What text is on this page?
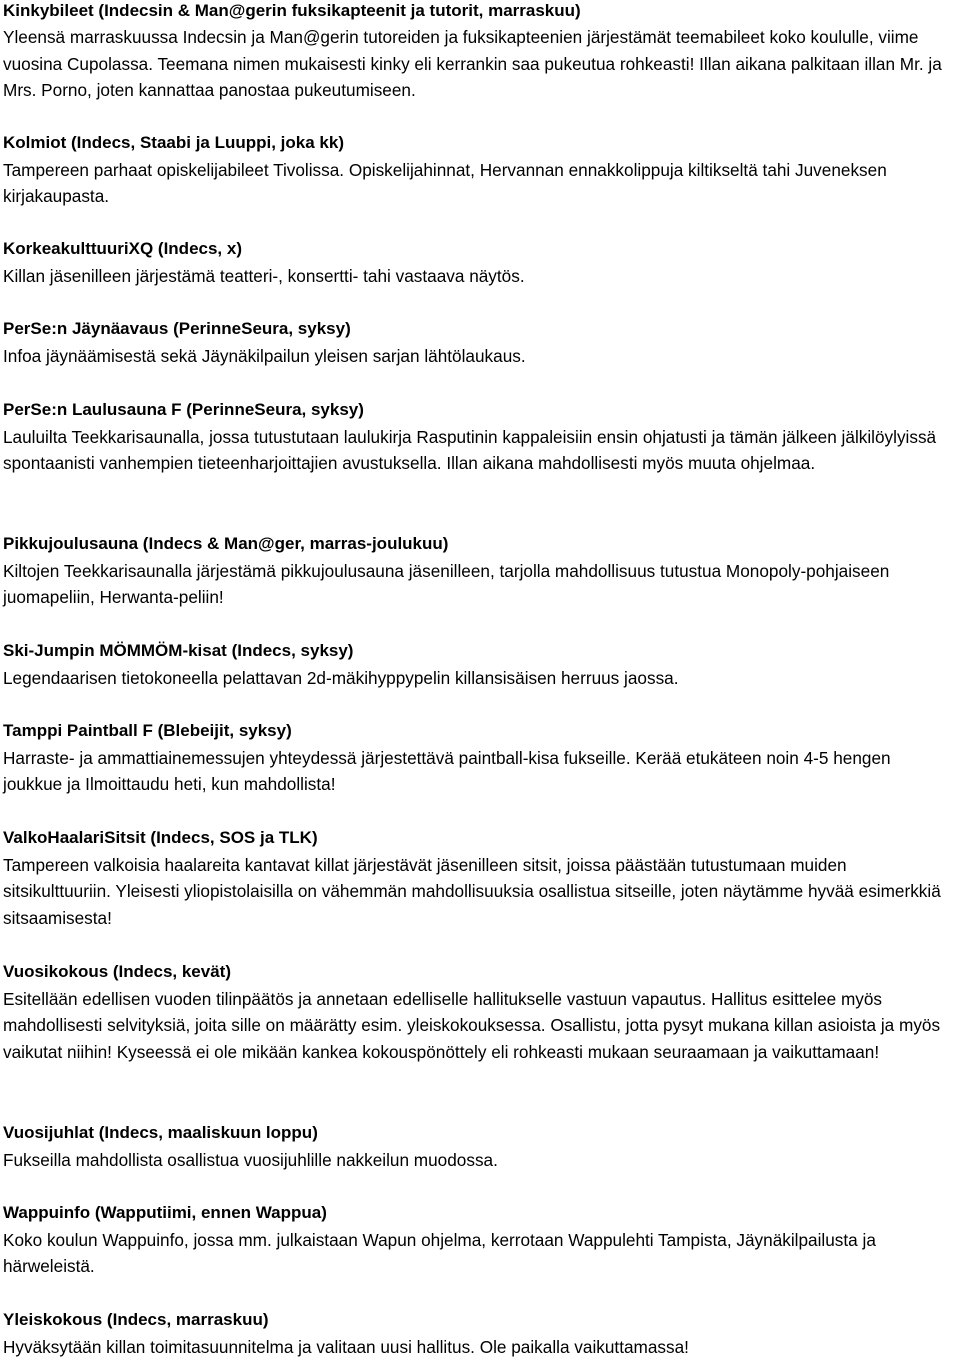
Kinkybileet (Indecsin & Man@gerin fuksikapteenit ja tutorit, marraskuu)

Yleensä marraskuussa Indecsin ja Man@gerin tutoreiden ja fuksikapteenien järjestämät teemabileet koko koululle, viime vuosina Cupolassa. Teemana nimen mukaisesti kinky eli kerrankin saa pukeutua rohkeasti! Illan aikana palkitaan illan Mr. ja Mrs. Porno, joten kannattaa panostaa pukeutumiseen.

Kolmiot (Indecs, Staabi ja Luuppi, joka kk)

Tampereen parhaat opiskelijabileet Tivolissa. Opiskelijahinnat, Hervannan ennakkolippuja kiltikseltä tahi Juveneksen kirjakaupasta.

KorkeakulttuuriXQ (Indecs, x)

Killan jäsenilleen järjestämä teatteri-, konsertti- tahi vastaava näytös.

PerSe:n Jäynäavaus (PerinneSeura, syksy)

Infoa jäynäämisestä sekä Jäynäkilpailun yleisen sarjan lähtölaukaus.

PerSe:n Laulusauna F (PerinneSeura, syksy)

Lauluilta Teekkarisaunalla, jossa tutustutaan laulukirja Rasputinin kappaleisiin ensin ohjatusti ja tämän jälkeen jälkilöylyissä spontaanisti vanhempien tieteenharjoittajien avustuksella. Illan aikana mahdollisesti myös muuta ohjelmaa.

Pikkujoulusauna (Indecs & Man@ger, marras-joulukuu)

Kiltojen Teekkarisaunalla järjestämä pikkujoulusauna jäsenilleen, tarjolla mahdollisuus tutustua Monopoly-pohjaiseen juomapeliin, Herwanta-peliin!

Ski-Jumpin MÖMMÖM-kisat (Indecs, syksy)

Legendaarisen tietokoneella pelattavan 2d-mäkihyppypelin killansisäisen herruus jaossa.

Tamppi Paintball F (Blebeijit, syksy)

Harraste- ja ammattiainemessujen yhteydessä järjestettävä paintball-kisa fukseille. Kerää etukäteen noin 4-5 hengen joukkue ja Ilmoittaudu heti, kun mahdollista!

ValkoHaalariSitsit (Indecs, SOS ja TLK)

Tampereen valkoisia haalareita kantavat killat järjestävät jäsenilleen sitsit, joissa päästään tutustumaan muiden sitsikulttuuriin. Yleisesti yliopistolaisilla on vähemmän mahdollisuuksia osallistua sitseille, joten näytämme hyvää esimerkkiä sitsaamisesta!

Vuosikokous (Indecs, kevät)

Esitellään edellisen vuoden tilinpäätös ja annetaan edelliselle hallitukselle vastuun vapautus. Hallitus esittelee myös mahdollisesti selvityksiä, joita sille on määrätty esim. yleiskokouksessa. Osallistu, jotta pysyt mukana killan asioista ja myös vaikutat niihin! Kyseessä ei ole mikään kankea kokouspönöttely eli rohkeasti mukaan seuraamaan ja vaikuttamaan!

Vuosijuhlat (Indecs, maaliskuun loppu)

Fukseilla mahdollista osallistua vuosijuhlille nakkeilun muodossa.

Wappuinfo (Wapputiimi, ennen Wappua)

Koko koulun Wappuinfo, jossa mm. julkaistaan Wapun ohjelma, kerrotaan Wappulehti Tampista, Jäynäkilpailusta ja härweleistä.

Yleiskokous (Indecs, marraskuu)

Hyväksytään killan toimitasuunnitelma ja valitaan uusi hallitus. Ole paikalla vaikuttamassa!
